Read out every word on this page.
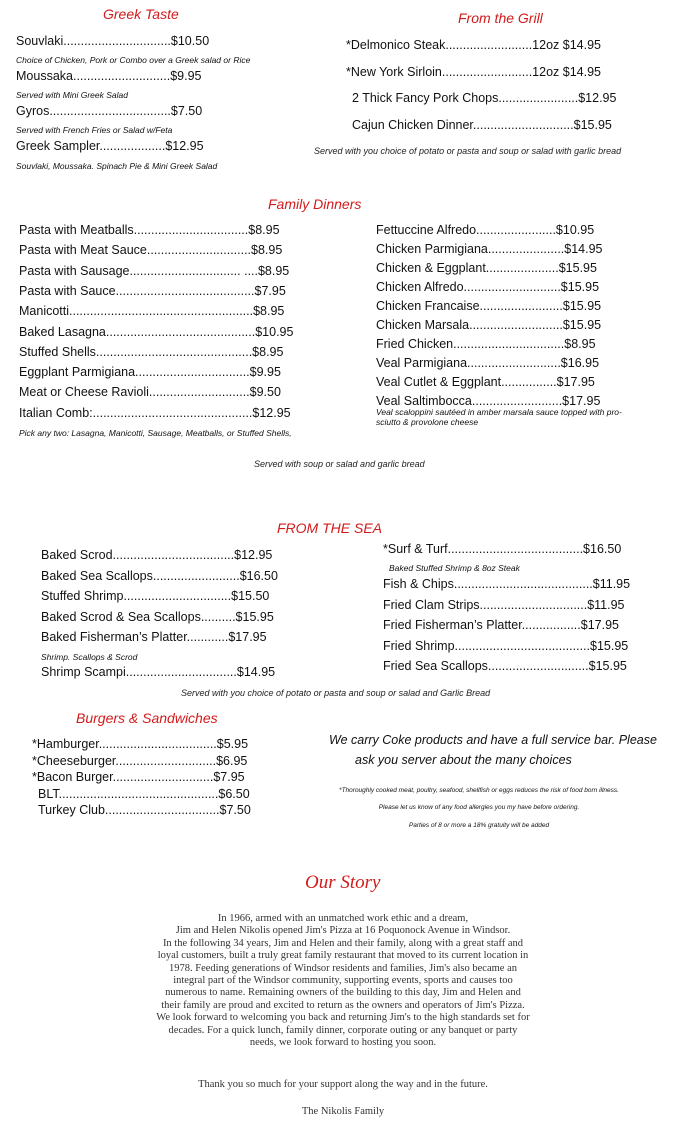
Greek Taste
Souvlaki...............................$10.50
Choice of Chicken, Pork or Combo over a Greek salad or Rice
Moussaka............................$9.95
Served with Mini Greek Salad
Gyros...................................$7.50
Served with French Fries or Salad w/Feta
Greek Sampler...................$12.95
Souvlaki, Moussaka. Spinach Pie & Mini Greek Salad
From the Grill
*Delmonico Steak.........................12oz $14.95
*New York Sirloin..........................12oz $14.95
2 Thick Fancy Pork Chops.......................$12.95
Cajun Chicken Dinner.............................$15.95
Served with you choice of potato or pasta and soup or salad with garlic bread
Family Dinners
Pasta with Meatballs.................................$8.95
Pasta with Meat Sauce..............................$8.95
Pasta with Sausage................................ ....$8.95
Pasta with Sauce........................................$7.95
Manicotti.....................................................$8.95
Baked Lasagna...........................................$10.95
Stuffed Shells.............................................$8.95
Eggplant Parmigiana.................................$9.95
Meat or Cheese Ravioli.............................$9.50
Italian Comb:..............................................$12.95
Pick any two: Lasagna, Manicotti, Sausage, Meatballs, or Stuffed Shells,
Fettuccine Alfredo.......................$10.95
Chicken Parmigiana......................$14.95
Chicken & Eggplant.....................$15.95
Chicken Alfredo............................$15.95
Chicken Francaise........................$15.95
Chicken Marsala...........................$15.95
Fried Chicken................................$8.95
Veal Parmigiana...........................$16.95
Veal Cutlet & Eggplant................$17.95
Veal Saltimbocca..........................$17.95
Veal scaloppini sautéed in amber marsala sauce topped with pro-
sciutto & provolone cheese
Served with soup or salad and garlic bread
FROM THE SEA
Baked Scrod...................................$12.95
Baked Sea Scallops.........................$16.50
Stuffed Shrimp...............................$15.50
Baked Scrod & Sea Scallops..........$15.95
Baked Fisherman’s Platter............$17.95
Shrimp. Scallops & Scrod
Shrimp Scampi................................$14.95
*Surf & Turf.......................................$16.50
Baked Stuffed Shrimp & 8oz Steak
Fish & Chips........................................$11.95
Fried Clam Strips...............................$11.95
Fried Fisherman’s Platter.................$17.95
Fried Shrimp.......................................$15.95
Fried Sea Scallops.............................$15.95
Served with you choice of potato or pasta and soup or salad and Garlic Bread
Burgers & Sandwiches
*Hamburger..................................$5.95
*Cheeseburger.............................$6.95
*Bacon Burger.............................$7.95
BLT..............................................$6.50
Turkey Club.................................$7.50
We carry Coke products and have a full service bar. Please
ask you server about the many choices
*Thoroughly cooked meat, poultry, seafood, shellfish or eggs reduces the risk of food born illness.
Please let us know of any food allergies you my have before ordering.
Parties of 8 or more a 18% gratuity will be added
Our Story

In 1966, armed with an unmatched work ethic and a dream,

Jim and Helen Nikolis opened Jim's Pizza at 16 Poquonock Avenue in Windsor.

In the following 34 years, Jim and Helen and their family, along with a great staff and

loyal customers, built a truly great family restaurant that moved to its current location in

1978. Feeding generations of Windsor residents and families, Jim's also became an

integral part of the Windsor community, supporting events, sports and causes too

numerous to name. Remaining owners of the building to this day, Jim and Helen and

their family are proud and excited to return as the owners and operators of Jim's Pizza.

We look forward to welcoming you back and returning Jim's to the high standards set for

decades. For a quick lunch, family dinner, corporate outing or any banquet or party

needs, we look forward to hosting you soon.

Thank you so much for your support along the way and in the future.
The Nikolis Family
